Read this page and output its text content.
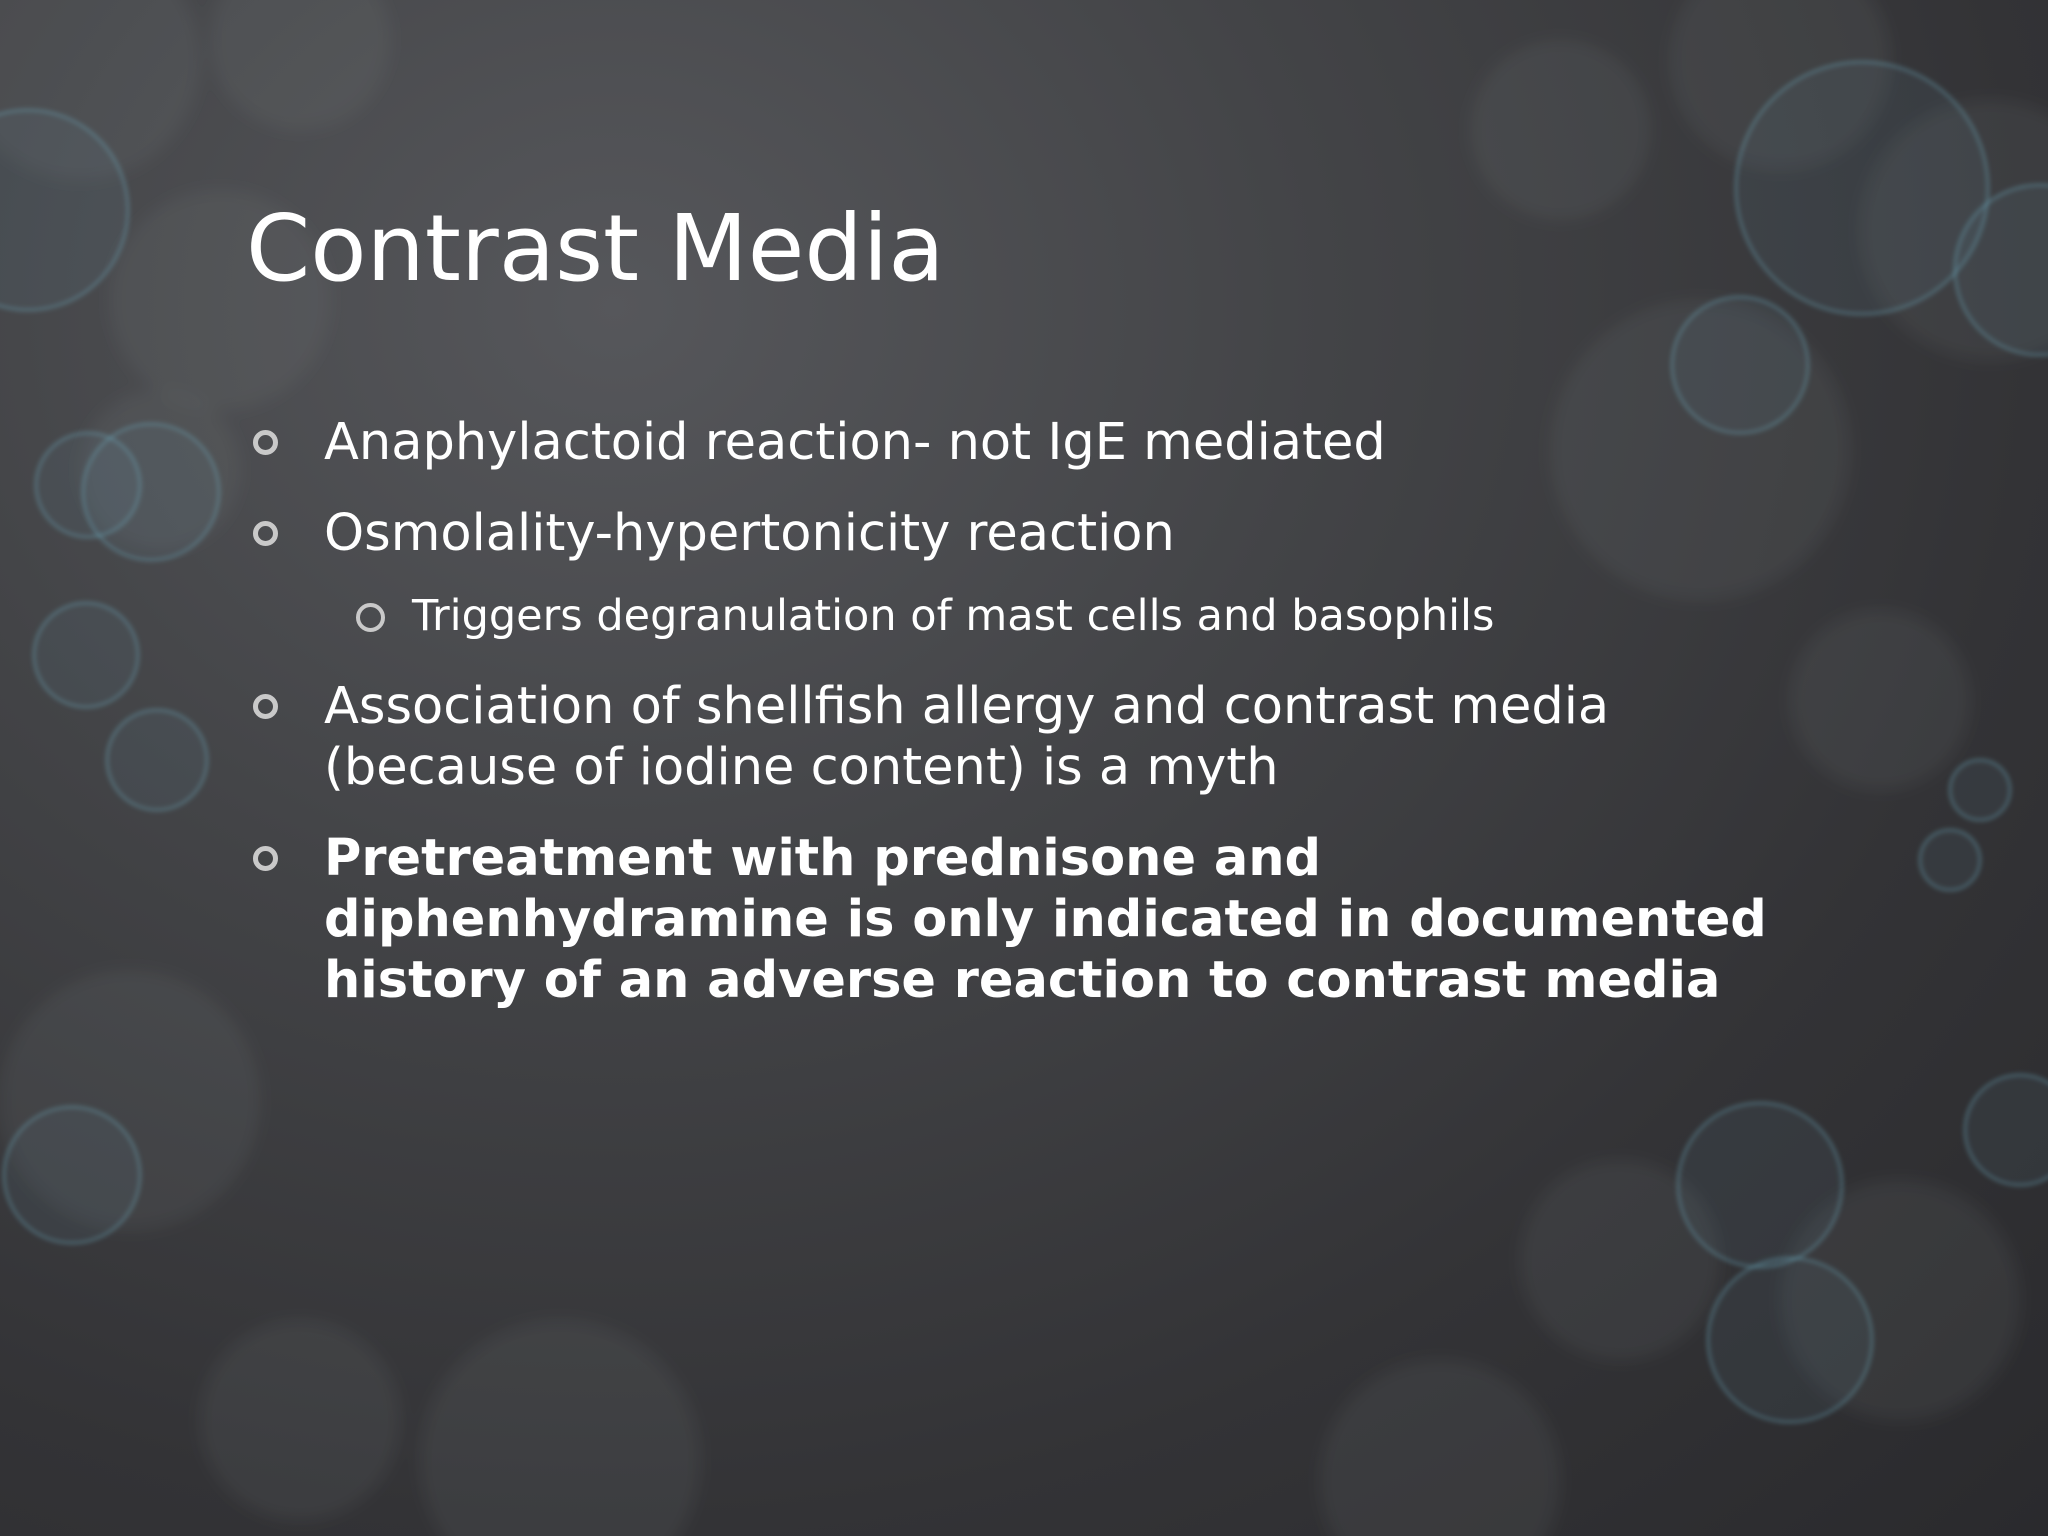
Contrast Media
Anaphylactoid reaction- not IgE mediated
Osmolality-hypertonicity reaction
Triggers degranulation of mast cells and basophils
Association of shellfish allergy and contrast media (because of iodine content) is a myth
Pretreatment with prednisone and diphenhydramine is only indicated in documented history of an adverse reaction to contrast media
